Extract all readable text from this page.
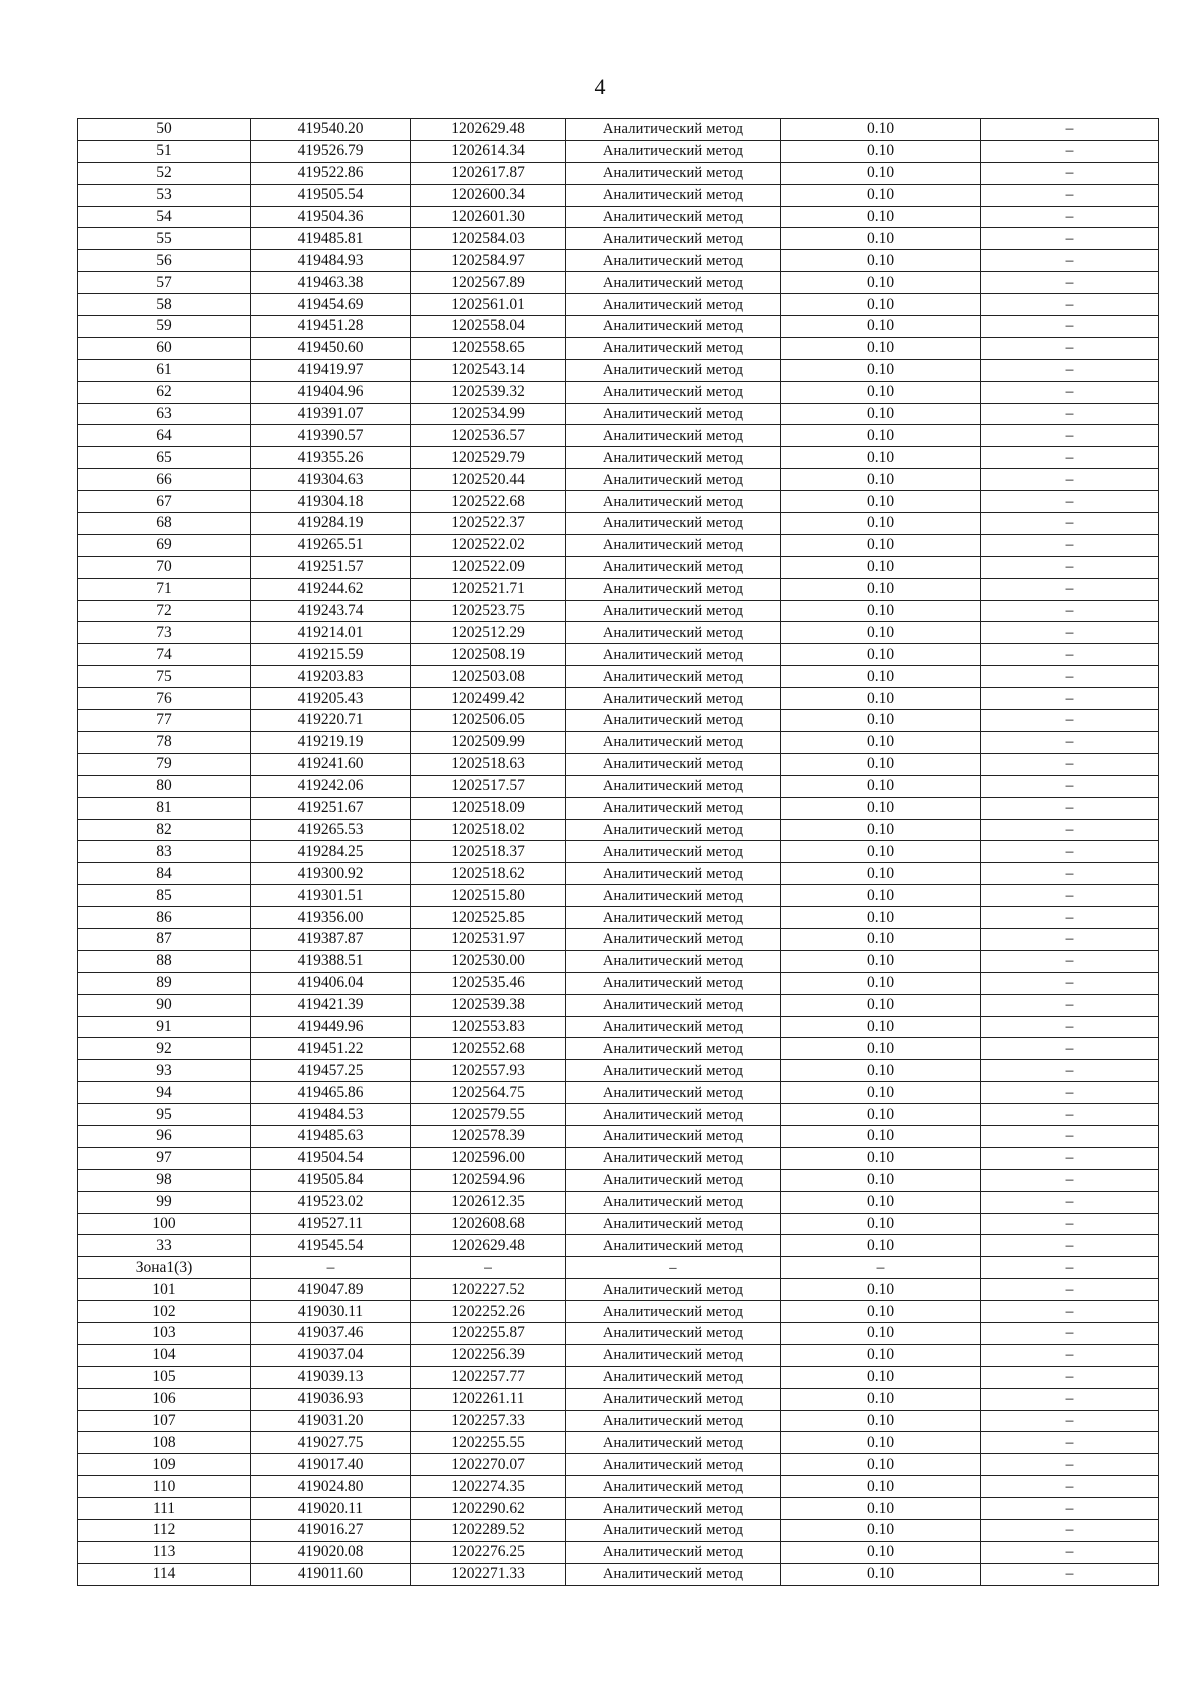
4
50	419540.20	1202629.48	Аналитический метод	0.10	–
51	419526.79	1202614.34	Аналитический метод	0.10	–
52	419522.86	1202617.87	Аналитический метод	0.10	–
53	419505.54	1202600.34	Аналитический метод	0.10	–
54	419504.36	1202601.30	Аналитический метод	0.10	–
55	419485.81	1202584.03	Аналитический метод	0.10	–
56	419484.93	1202584.97	Аналитический метод	0.10	–
57	419463.38	1202567.89	Аналитический метод	0.10	–
58	419454.69	1202561.01	Аналитический метод	0.10	–
59	419451.28	1202558.04	Аналитический метод	0.10	–
60	419450.60	1202558.65	Аналитический метод	0.10	–
61	419419.97	1202543.14	Аналитический метод	0.10	–
62	419404.96	1202539.32	Аналитический метод	0.10	–
63	419391.07	1202534.99	Аналитический метод	0.10	–
64	419390.57	1202536.57	Аналитический метод	0.10	–
65	419355.26	1202529.79	Аналитический метод	0.10	–
66	419304.63	1202520.44	Аналитический метод	0.10	–
67	419304.18	1202522.68	Аналитический метод	0.10	–
68	419284.19	1202522.37	Аналитический метод	0.10	–
69	419265.51	1202522.02	Аналитический метод	0.10	–
70	419251.57	1202522.09	Аналитический метод	0.10	–
71	419244.62	1202521.71	Аналитический метод	0.10	–
72	419243.74	1202523.75	Аналитический метод	0.10	–
73	419214.01	1202512.29	Аналитический метод	0.10	–
74	419215.59	1202508.19	Аналитический метод	0.10	–
75	419203.83	1202503.08	Аналитический метод	0.10	–
76	419205.43	1202499.42	Аналитический метод	0.10	–
77	419220.71	1202506.05	Аналитический метод	0.10	–
78	419219.19	1202509.99	Аналитический метод	0.10	–
79	419241.60	1202518.63	Аналитический метод	0.10	–
80	419242.06	1202517.57	Аналитический метод	0.10	–
81	419251.67	1202518.09	Аналитический метод	0.10	–
82	419265.53	1202518.02	Аналитический метод	0.10	–
83	419284.25	1202518.37	Аналитический метод	0.10	–
84	419300.92	1202518.62	Аналитический метод	0.10	–
85	419301.51	1202515.80	Аналитический метод	0.10	–
86	419356.00	1202525.85	Аналитический метод	0.10	–
87	419387.87	1202531.97	Аналитический метод	0.10	–
88	419388.51	1202530.00	Аналитический метод	0.10	–
89	419406.04	1202535.46	Аналитический метод	0.10	–
90	419421.39	1202539.38	Аналитический метод	0.10	–
91	419449.96	1202553.83	Аналитический метод	0.10	–
92	419451.22	1202552.68	Аналитический метод	0.10	–
93	419457.25	1202557.93	Аналитический метод	0.10	–
94	419465.86	1202564.75	Аналитический метод	0.10	–
95	419484.53	1202579.55	Аналитический метод	0.10	–
96	419485.63	1202578.39	Аналитический метод	0.10	–
97	419504.54	1202596.00	Аналитический метод	0.10	–
98	419505.84	1202594.96	Аналитический метод	0.10	–
99	419523.02	1202612.35	Аналитический метод	0.10	–
100	419527.11	1202608.68	Аналитический метод	0.10	–
33	419545.54	1202629.48	Аналитический метод	0.10	–
Зона1(3)	–	–	–	–	–
101	419047.89	1202227.52	Аналитический метод	0.10	–
102	419030.11	1202252.26	Аналитический метод	0.10	–
103	419037.46	1202255.87	Аналитический метод	0.10	–
104	419037.04	1202256.39	Аналитический метод	0.10	–
105	419039.13	1202257.77	Аналитический метод	0.10	–
106	419036.93	1202261.11	Аналитический метод	0.10	–
107	419031.20	1202257.33	Аналитический метод	0.10	–
108	419027.75	1202255.55	Аналитический метод	0.10	–
109	419017.40	1202270.07	Аналитический метод	0.10	–
110	419024.80	1202274.35	Аналитический метод	0.10	–
111	419020.11	1202290.62	Аналитический метод	0.10	–
112	419016.27	1202289.52	Аналитический метод	0.10	–
113	419020.08	1202276.25	Аналитический метод	0.10	–
114	419011.60	1202271.33	Аналитический метод	0.10	–
